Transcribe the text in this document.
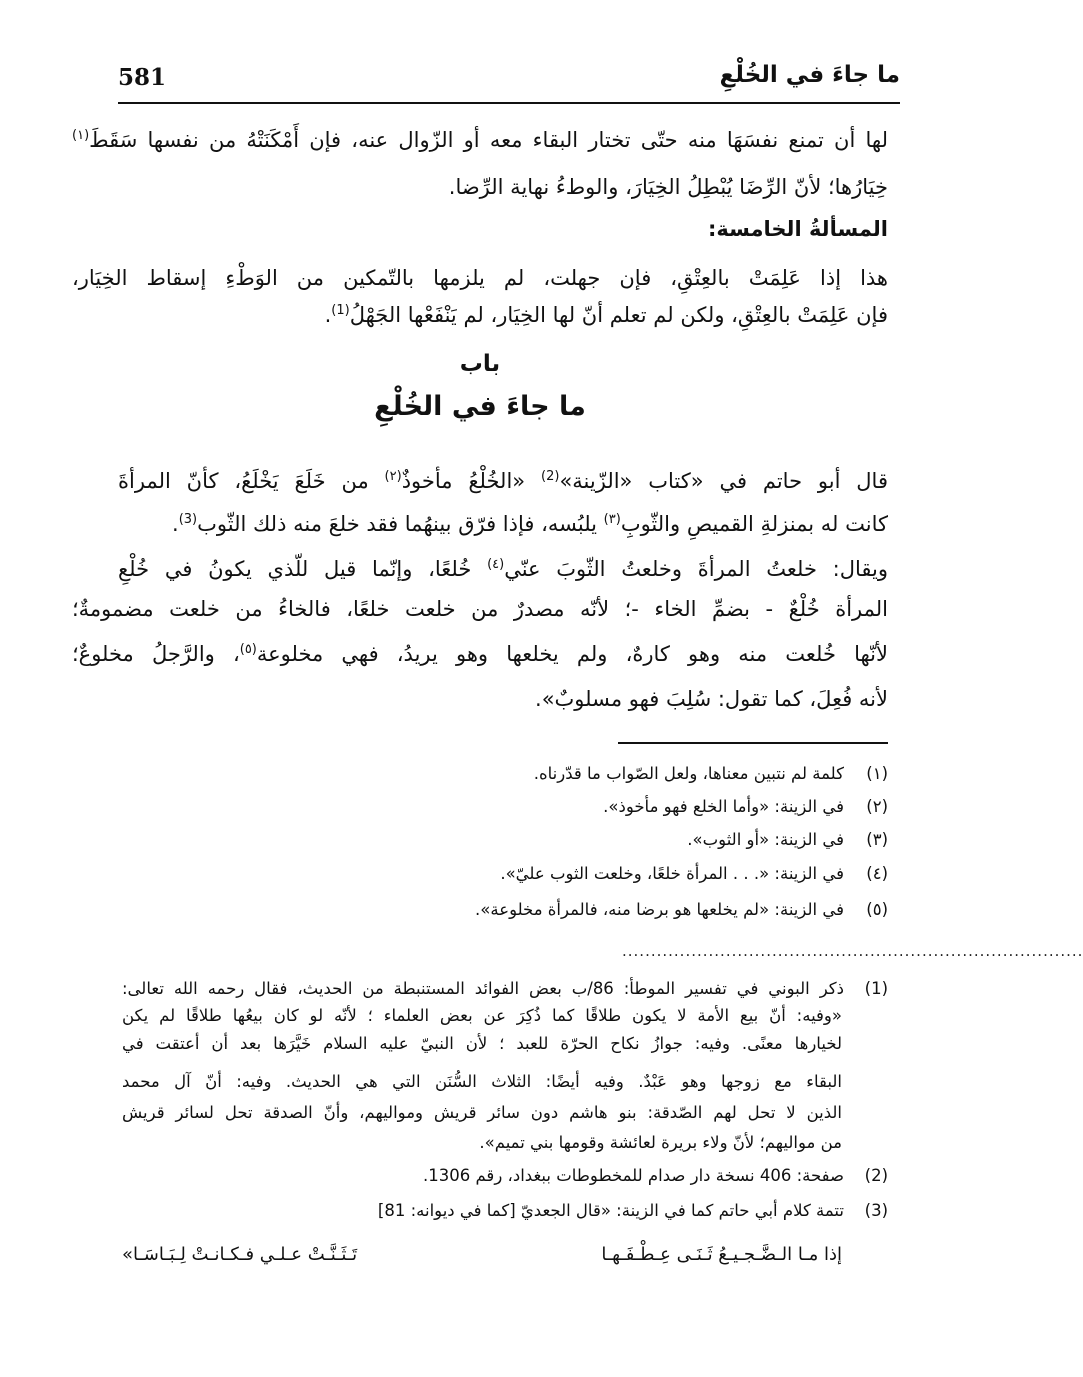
581	ما جاءَ في الخُلْعِ
لها أن تمنع نفسَهَا منه حتّى تختار البقاء معه أو الزّوال عنه، فإن أَمْكَنَتْهُ من نفسها سَقَطَ$^{(١)}$
خِيَارُها؛ لأنّ الرِّضَا يُبْطِلُ الخِيَارَ، والوطءُ نهاية الرِّضا.
المسألةُ الخامسة:
هذا إذا عَلِمَتْ بالعِتْقِ، فإن جهلت، لم يلزمها بالتّمكين من الوَطْءِ إسقاط الخِيَار،
فإن عَلِمَتْ بالعِتْقِ، ولكن لم تعلم أنّ لها الخِيَار، لم يَنْفَعْها الجَهْلُ$^{(1)}$.
باب
ما جاءَ في الخُلْعِ
قال أبو حاتم في «كتاب «الزّينة»$^{(2)}$ «الخُلْعُ مأخوذٌ$^{(٢)}$ من خَلَعَ يَخْلَعُ، كأنّ المرأةَ
كانت له بمنزلةِ القميصِ والثّوبِ$^{(٣)}$ يلبُسه، فإذا فرّق بينهُما فقد خلعَ منه ذلك الثّوب$^{(3)}$.
ويقال: خلعتُ المرأةَ وخلعتُ الثّوبَ عنّي$^{(٤)}$ خُلعًا، وإنّما قيل للّذي يكونُ في خُلْعِ
المرأة خُلْعٌ - بضمِّ الخاء -؛ لأنّه مصدرٌ من خلعت خلعًا، فالخاءُ من خلعت مضمومةٌ؛
لأنّها خُلعت منه وهو كارهٌ، ولم يخلعها وهو يريدُ، فهي مخلوعة$^{(٥)}$، والرَّجلُ مخلوعٌ؛
لأنه فُعِلَ، كما تقول: سُلِبَ فهو مسلوبٌ».
(١)كلمة لم نتبين معناها، ولعل الصّواب ما قدّرناه.
(٢)في الزينة: «وأما الخلع فهو مأخوذ».
(٣)في الزينة: «أو الثوب».
(٤)في الزينة: «. . . المرأة خلعًا، وخلعت الثوب عليّ».
(٥)في الزينة: «لم يخلعها هو برضا منه، فالمرأة مخلوعة».
................................................................................
(1)ذكر البوني في تفسير الموطأ: 86/ب بعض الفوائد المستنبطة من الحديث، فقال رحمه الله تعالى:
«وفيه: أنّ بيع الأمة لا يكون طلاقًا كما ذُكِرَ عن بعض العلماء ؛ لأنّه لو كان بيعُها طلاقًا لم يكن
لخيارها معنًى. وفيه: جوازُ نكاح الحرّة للعبد ؛ لأن النبيّ عليه السلام خَيَّرَها بعد أن أعتقت في
البقاء مع زوجها وهو عَبْدٌ. وفيه أيضًا: الثلاث السُّنَن التي هي الحديث. وفيه: أنّ آل محمد
الذين لا تحل لهم الصّدقة: بنو هاشم دون سائر قريش ومواليهم، وأنّ الصدقة تحل لسائر قريش
من مواليهم؛ لأنّ ولاء بريرة لعائشة وقومها بني تميم».
(2)صفحة: 406 نسخة دار صدام للمخطوطات ببغداد، رقم 1306.
(3)تتمة كلام أبي حاتم كما في الزينة: «قال الجعديّ [كما في ديوانه: 81]
إذا مـا الـضَّـجـيـعُ ثَـنَـى عِـطْـفَـهـا
تَـثَـنَّـتْ عـلـي فـكـانـتْ لِـبَـاسَـا»
